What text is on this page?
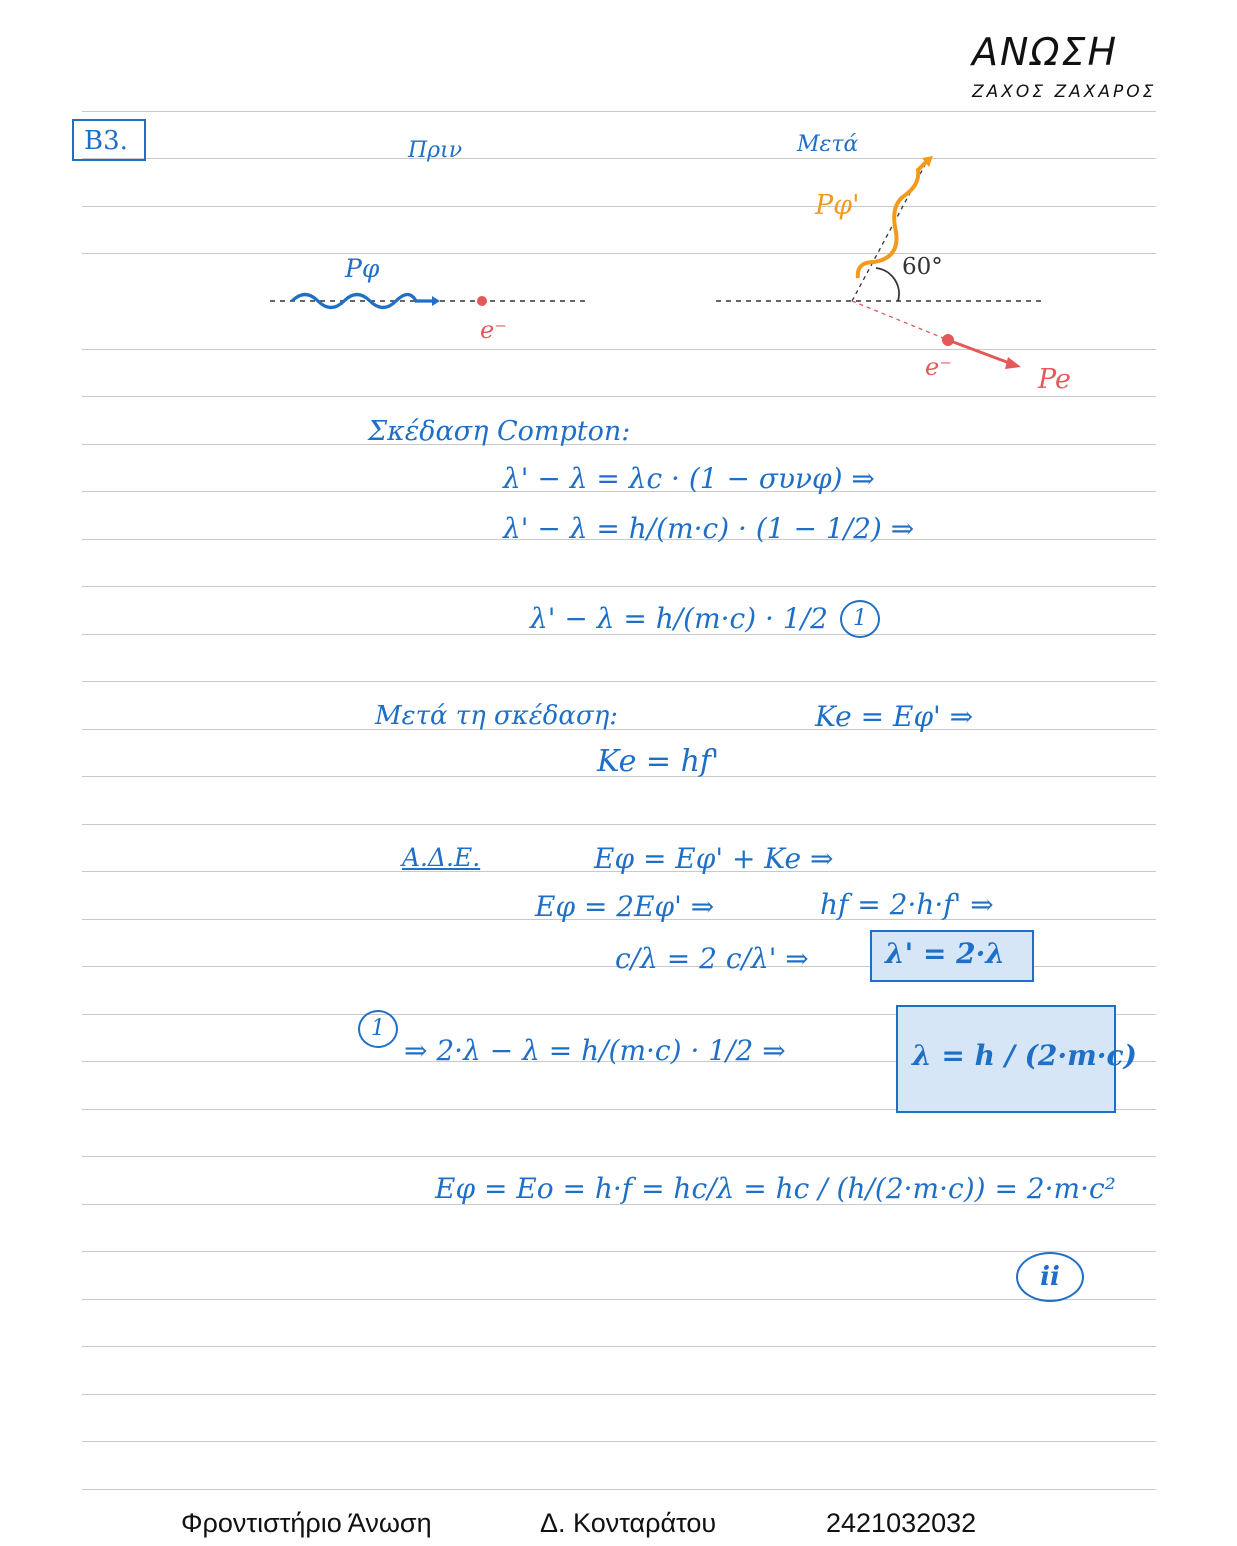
ΑΝΩΣΗ
ΖΑΧΟΣ ΖΑΧΑΡΟΣ
B3.	Πριν	Μετά
Pφ
e⁻
Pφ'
60°
e⁻	Pe
Σκέδαση Compton:
λ' − λ = λc · (1 − συνφ) ⇒
λ' − λ = h/(m·c) · (1 − 1/2) ⇒
λ' − λ = h/(m·c) · 1/2	1
Μετά τη σκέδαση:	Ke = Eφ' ⇒
Ke = hf'
Α.Δ.Ε.	Eφ = Eφ' + Ke ⇒
Eφ = 2Eφ' ⇒	hf = 2·h·f' ⇒
c/λ = 2 c/λ' ⇒	λ' = 2·λ
1
⇒ 2·λ − λ = h/(m·c) · 1/2 ⇒	λ = h / (2·m·c)
Eφ = Eo = h·f = hc/λ = hc / (h/(2·m·c)) = 2·m·c²
ii
Φροντιστήριο Άνωση	Δ. Κονταράτου	2421032032
